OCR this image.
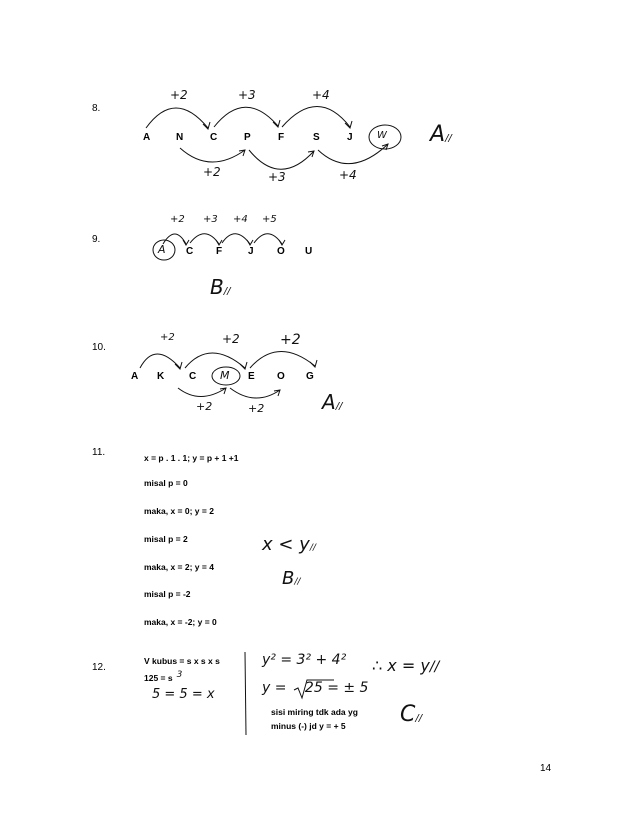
8.
A	N	C	P	F	S	J W
+2	+3	+4
+2	+3	+4
A//
9.
A C F	J O U
+2 +3 +4 +5
B//
10.
A K C M E O G
+2	+2	+2
+2	+2	A//
11.	x = p . 1 . 1; y = p + 1 +1
misal p = 0
maka, x = 0; y = 2
misal p = 2
maka, x = 2; y = 4
misal p = -2
maka, x = -2; y = 0
x < y//
B//
12.
V kubus = s x s x s
125 = s 3
5 = 5 = x
y² = 3² + 4²
y = 25 = ± 5
sisi miring tdk ada yg
minus (-) jd y = + 5
∴ x = y//
C//
14
